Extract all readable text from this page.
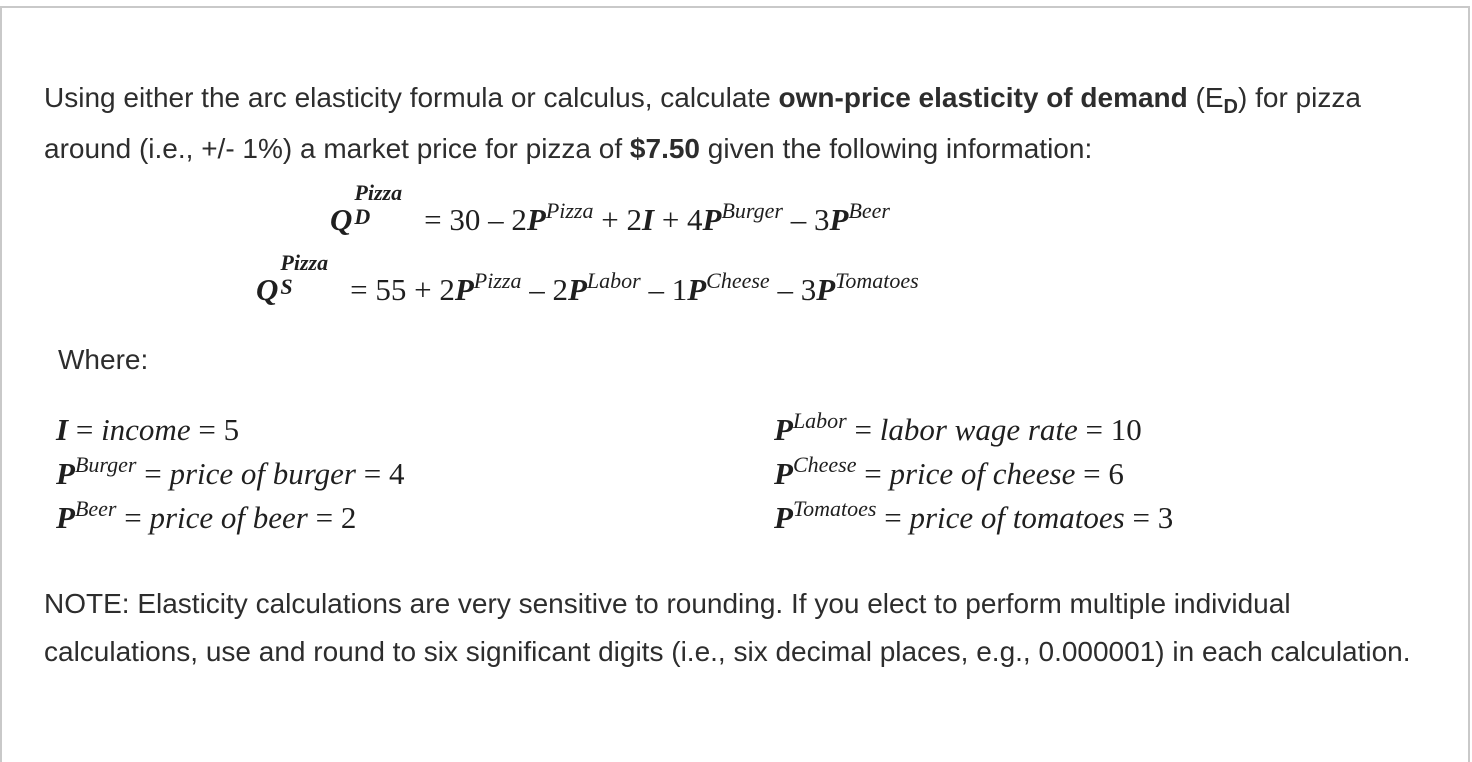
Using either the arc elasticity formula or calculus, calculate own-price elasticity of demand $(E_D)$ for pizza around (i.e., +/- 1%) a market price for pizza of $7.50 given the following information:
Q
Pizza
$D = 30 - 2P^{Pizza} + 2I + 4P^{Burger} - 3P^{Beer}$
Q
Pizza
$S = 55 + 2P^{Pizza} - 2P^{Labor} - 1P^{Cheese} - 3P^{Tomatoes}$
Where:
I = income = 5
$P^{Burger}$ = price of burger = 4
$P^{Beer}$ = price of beer = 2
$P^{Labor}$ = labor wage rate = 10
$P^{Cheese}$ = price of cheese = 6
$P^{Tomatoes}$ = price of tomatoes = 3
NOTE: Elasticity calculations are very sensitive to rounding. If you elect to perform multiple individual calculations, use and round to six significant digits (i.e., six decimal places, e.g., 0.000001) in each calculation.
